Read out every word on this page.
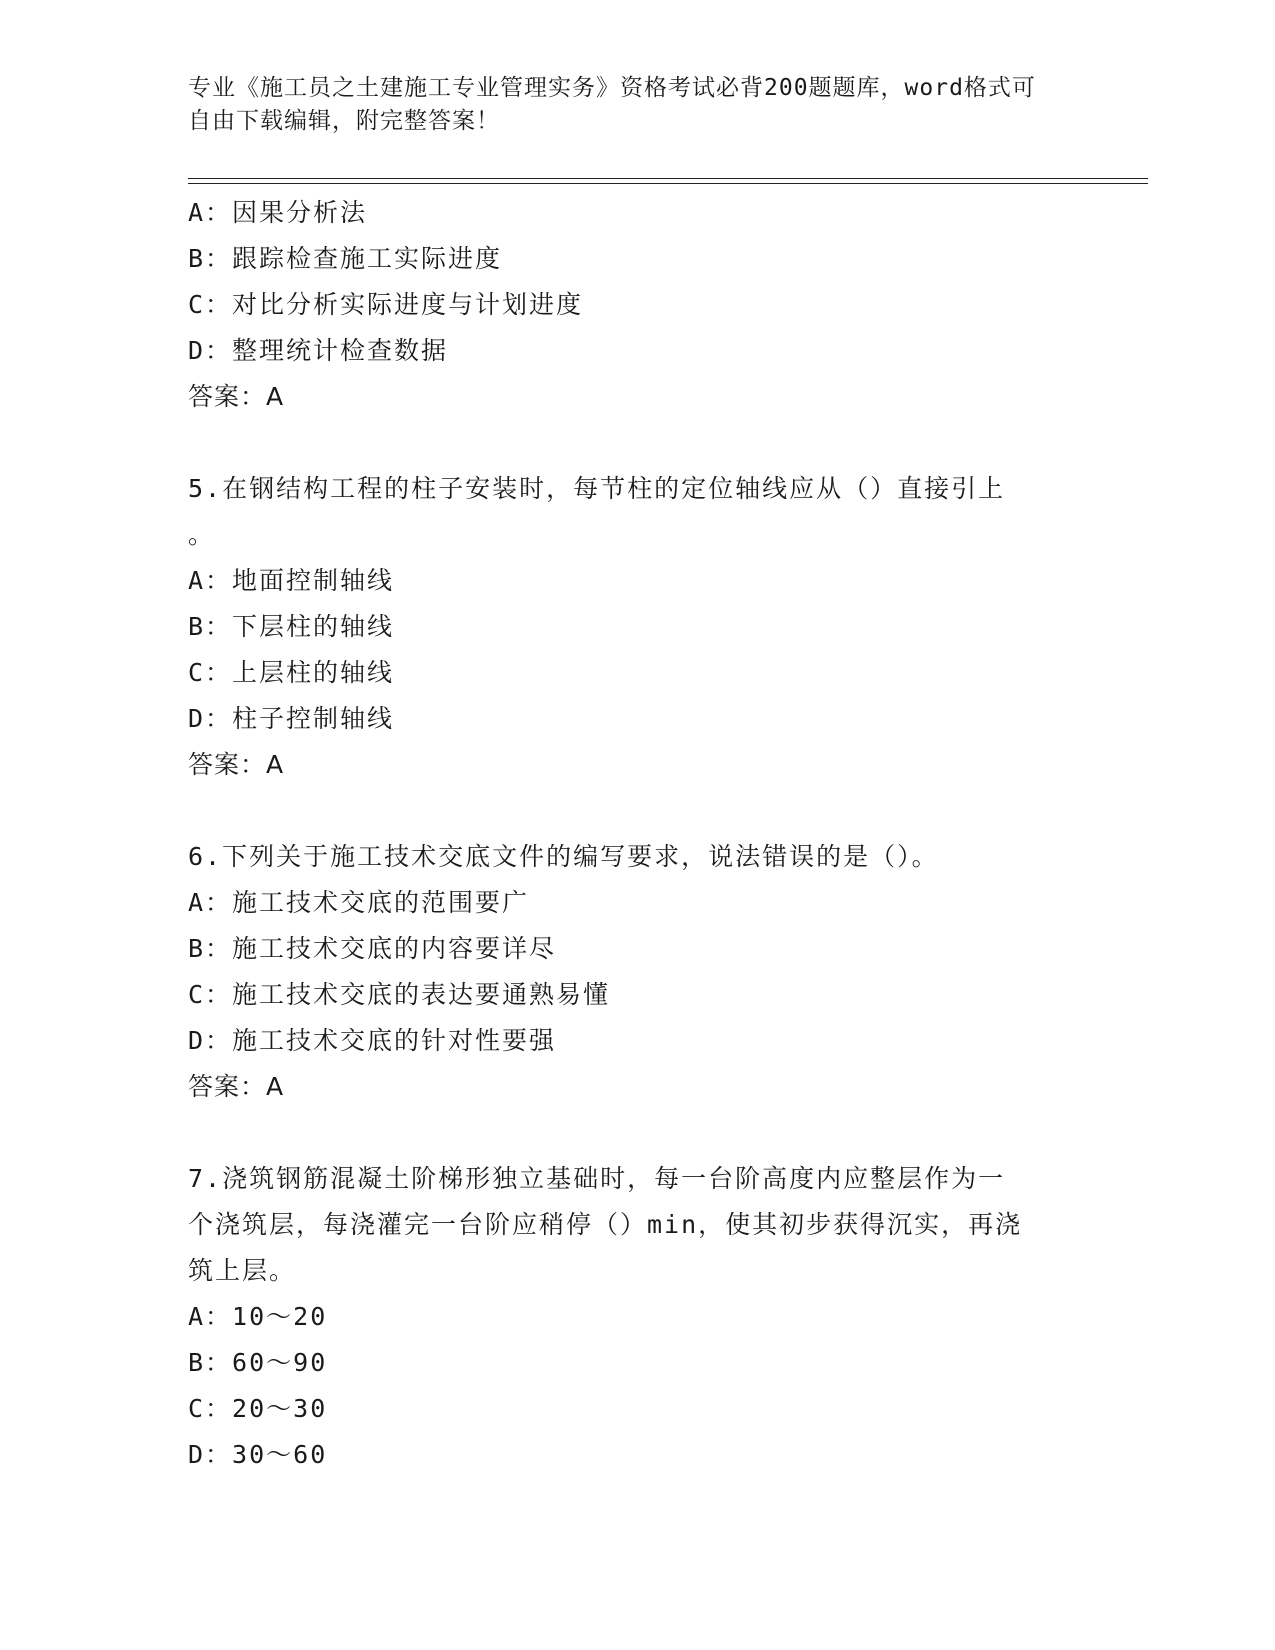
专业《施工员之土建施工专业管理实务》资格考试必背200题题库，word格式可
自由下载编辑，附完整答案！
A：因果分析法
B：跟踪检查施工实际进度
C：对比分析实际进度与计划进度
D：整理统计检查数据
答案：A
5.在钢结构工程的柱子安装时，每节柱的定位轴线应从（）直接引上
。
A：地面控制轴线
B：下层柱的轴线
C：上层柱的轴线
D：柱子控制轴线
答案：A
6.下列关于施工技术交底文件的编写要求，说法错误的是（）。
A：施工技术交底的范围要广
B：施工技术交底的内容要详尽
C：施工技术交底的表达要通熟易懂
D：施工技术交底的针对性要强
答案：A
7.浇筑钢筋混凝土阶梯形独立基础时，每一台阶高度内应整层作为一
个浇筑层，每浇灌完一台阶应稍停（）min，使其初步获得沉实，再浇
筑上层。
A：10～20
B：60～90
C：20～30
D：30～60
